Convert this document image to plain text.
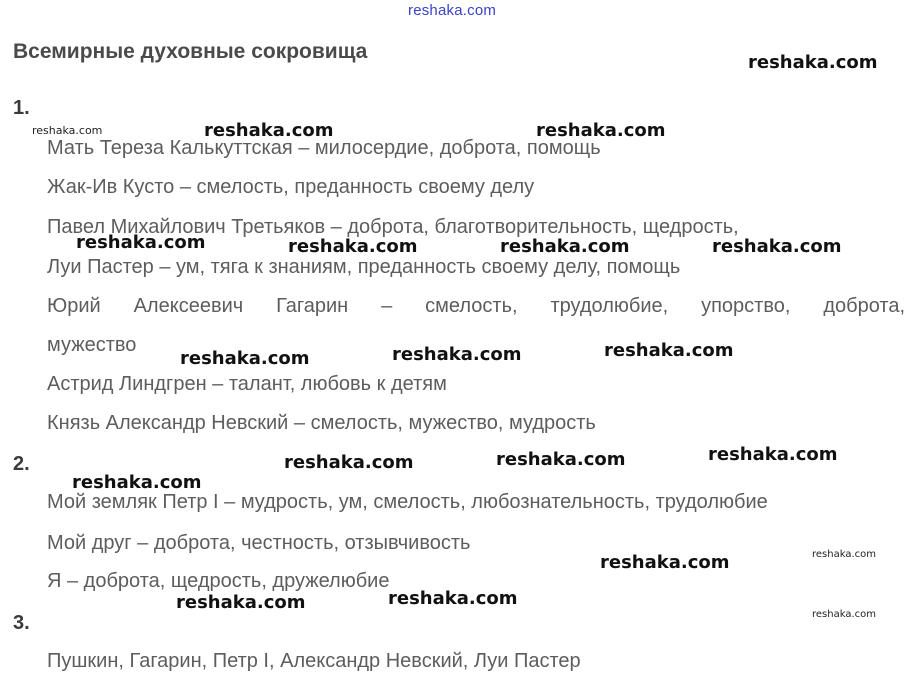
reshaka.com
Всемирные духовные сокровища
1.
Мать Тереза Калькуттская – милосердие, доброта, помощь
Жак-Ив Кусто – смелость, преданность своему делу
Павел Михайлович Третьяков – доброта, благотворительность, щедрость,
Луи Пастер – ум, тяга к знаниям, преданность своему делу, помощь
Юрий Алексеевич Гагарин – смелость, трудолюбие, упорство, доброта,
мужество
Астрид Линдгрен – талант, любовь к детям
Князь Александр Невский – смелость, мужество, мудрость
2.
Мой земляк Петр I – мудрость, ум, смелость, любознательность, трудолюбие
Мой друг – доброта, честность, отзывчивость
Я – доброта, щедрость, дружелюбие
3.
Пушкин, Гагарин, Петр I, Александр Невский, Луи Пастер
reshaka.com
reshaka.com	reshaka.com	reshaka.com
reshaka.com	reshaka.com	reshaka.com	reshaka.com
reshaka.com	reshaka.com	reshaka.com
reshaka.com
reshaka.com	reshaka.com	reshaka.com
reshaka.com
reshaka.com
reshaka.com	reshaka.com
reshaka.com
